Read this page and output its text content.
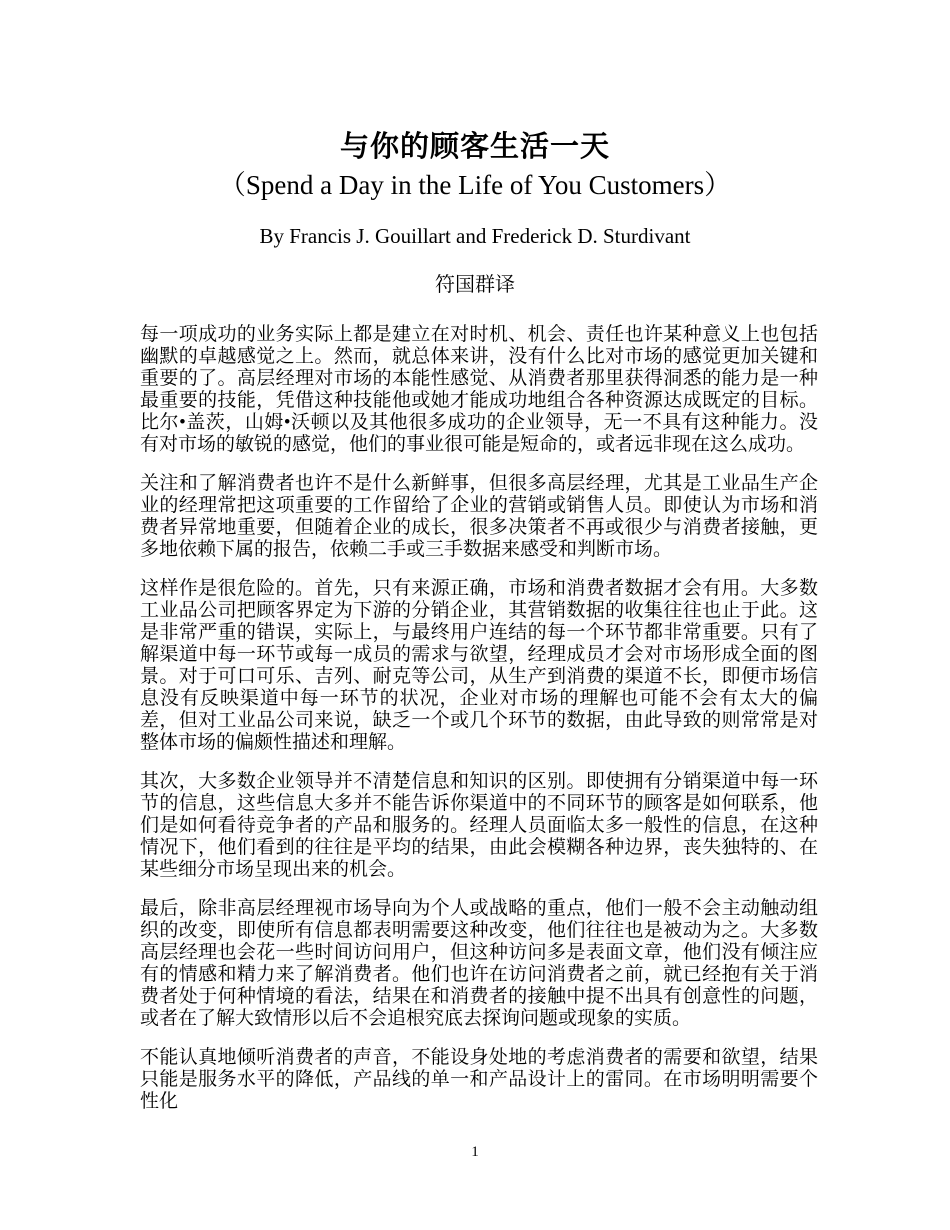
与你的顾客生活一天
（Spend a Day in the Life of You Customers）
By Francis J. Gouillart and Frederick D. Sturdivant
符国群译

每一项成功的业务实际上都是建立在对时机、机会、责任也许某种意义上也包括幽默的卓越感觉之上。然而，就总体来讲，没有什么比对市场的感觉更加关键和重要的了。高层经理对市场的本能性感觉、从消费者那里获得洞悉的能力是一种最重要的技能，凭借这种技能他或她才能成功地组合各种资源达成既定的目标。比尔•盖茨，山姆•沃顿以及其他很多成功的企业领导，无一不具有这种能力。没有对市场的敏锐的感觉，他们的事业很可能是短命的，或者远非现在这么成功。

关注和了解消费者也许不是什么新鲜事，但很多高层经理，尤其是工业品生产企业的经理常把这项重要的工作留给了企业的营销或销售人员。即使认为市场和消费者异常地重要，但随着企业的成长，很多决策者不再或很少与消费者接触，更多地依赖下属的报告，依赖二手或三手数据来感受和判断市场。

这样作是很危险的。首先，只有来源正确，市场和消费者数据才会有用。大多数工业品公司把顾客界定为下游的分销企业，其营销数据的收集往往也止于此。这是非常严重的错误，实际上，与最终用户连结的每一个环节都非常重要。只有了解渠道中每一环节或每一成员的需求与欲望，经理成员才会对市场形成全面的图景。对于可口可乐、吉列、耐克等公司，从生产到消费的渠道不长，即便市场信息没有反映渠道中每一环节的状况，企业对市场的理解也可能不会有太大的偏差，但对工业品公司来说，缺乏一个或几个环节的数据，由此导致的则常常是对整体市场的偏颇性描述和理解。

其次，大多数企业领导并不清楚信息和知识的区别。即使拥有分销渠道中每一环节的信息，这些信息大多并不能告诉你渠道中的不同环节的顾客是如何联系，他们是如何看待竞争者的产品和服务的。经理人员面临太多一般性的信息，在这种情况下，他们看到的往往是平均的结果，由此会模糊各种边界，丧失独特的、在某些细分市场呈现出来的机会。

最后，除非高层经理视市场导向为个人或战略的重点，他们一般不会主动触动组织的改变，即使所有信息都表明需要这种改变，他们往往也是被动为之。大多数高层经理也会花一些时间访问用户，但这种访问多是表面文章，他们没有倾注应有的情感和精力来了解消费者。他们也许在访问消费者之前，就已经抱有关于消费者处于何种情境的看法，结果在和消费者的接触中提不出具有创意性的问题，或者在了解大致情形以后不会追根究底去探询问题或现象的实质。

不能认真地倾听消费者的声音，不能设身处地的考虑消费者的需要和欲望，结果只能是服务水平的降低，产品线的单一和产品设计上的雷同。在市场明明需要个性化

1
